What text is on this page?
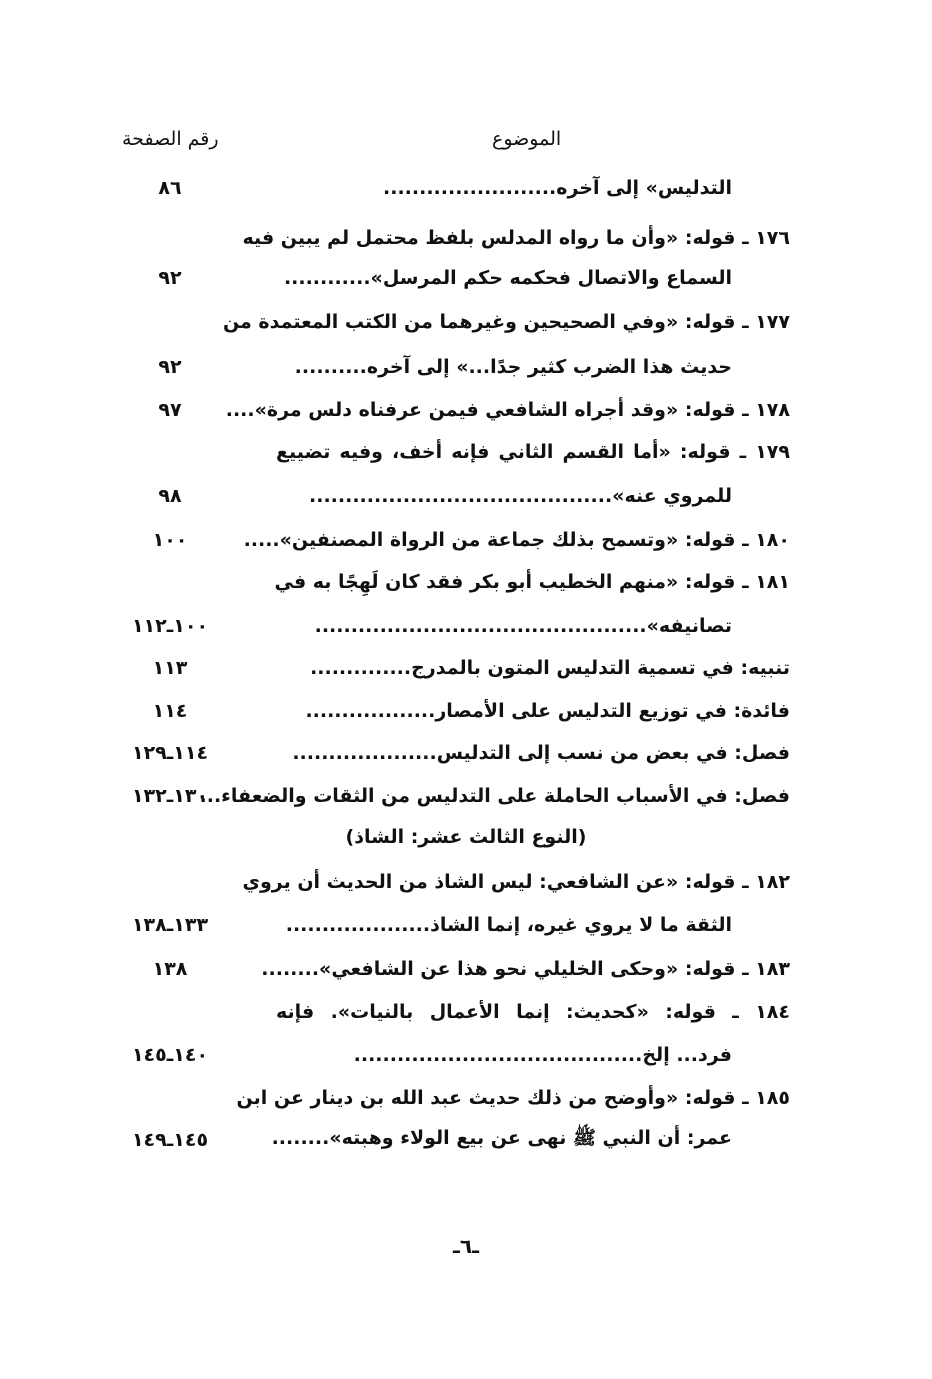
الموضوع
رقم الصفحة
التدليس» إلى آخره........................
٨٦
١٧٦ ـ قوله: «وأن ما رواه المدلس بلفظ محتمل لم يبين فيه
السماع والاتصال فحكمه حكم المرسل»............
٩٢
١٧٧ ـ قوله: «وفي الصحيحين وغيرهما من الكتب المعتمدة من
حديث هذا الضرب كثير جدًا...» إلى آخره..........
٩٢
١٧٨ ـ قوله: «وقد أجراه الشافعي فيمن عرفناه دلس مرة»....
٩٧
١٧٩ ـ قوله: «أما القسم الثاني فإنه أخف، وفيه تضييع
للمروي عنه»..........................................
٩٨
١٨٠ ـ قوله: «وتسمح بذلك جماعة من الرواة المصنفين».....
١٠٠
١٨١ ـ قوله: «منهم الخطيب أبو بكر فقد كان لَهِجًا به في
تصانيفه»..............................................
١٠٠ـ١١٢
تنبيه: في تسمية التدليس المتون بالمدرج..............
١١٣
فائدة: في توزيع التدليس على الأمصار..................
١١٤
فصل: في بعض من نسب إلى التدليس....................
١١٤ـ١٢٩
فصل: في الأسباب الحاملة على التدليس من الثقات والضعفاء...
١٣٠ـ١٣٢
(النوع الثالث عشر: الشاذ)
١٨٢ ـ قوله: «عن الشافعي: ليس الشاذ من الحديث أن يروي
الثقة ما لا يروي غيره، إنما الشاذ....................
١٣٣ـ١٣٨
١٨٣ ـ قوله: «وحكى الخليلي نحو هذا عن الشافعي»........
١٣٨
١٨٤ ـ قوله: «كحديث: إنما الأعمال بالنيات». فإنه
فرد... إلخ........................................
١٤٠ـ١٤٥
١٨٥ ـ قوله: «وأوضح من ذلك حديث عبد الله بن دينار عن ابن
عمر: أن النبي ﷺ نهى عن بيع الولاء وهبته»........
١٤٥ـ١٤٩
ـ٦ـ
